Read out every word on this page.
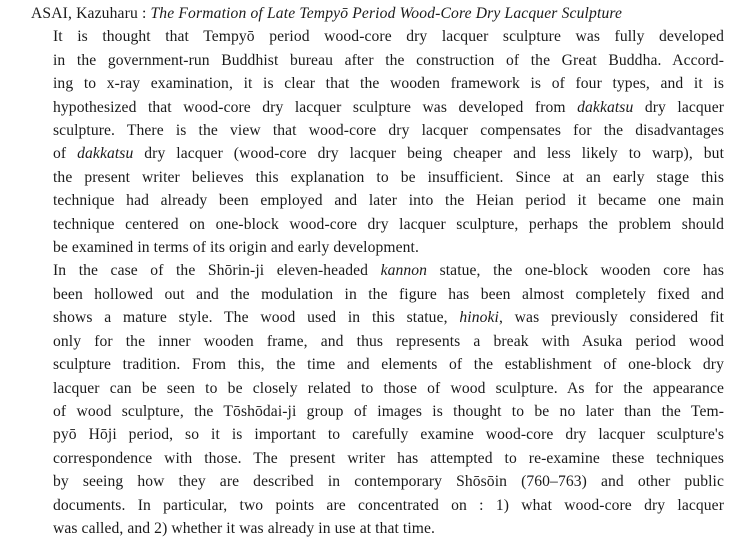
ASAI, Kazuharu : The Formation of Late Tempyō Period Wood-Core Dry Lacquer Sculpture

It is thought that Tempyō period wood-core dry lacquer sculpture was fully developed
in the government-run Buddhist bureau after the construction of the Great Buddha. Accord-
ing to x-ray examination, it is clear that the wooden framework is of four types, and it is
hypothesized that wood-core dry lacquer sculpture was developed from dakkatsu dry lacquer
sculpture. There is the view that wood-core dry lacquer compensates for the disadvantages
of dakkatsu dry lacquer (wood-core dry lacquer being cheaper and less likely to warp), but
the present writer believes this explanation to be insufficient. Since at an early stage this
technique had already been employed and later into the Heian period it became one main
technique centered on one-block wood-core dry lacquer sculpture, perhaps the problem should
be examined in terms of its origin and early development.

In the case of the Shōrin-ji eleven-headed kannon statue, the one-block wooden core has
been hollowed out and the modulation in the figure has been almost completely fixed and
shows a mature style. The wood used in this statue, hinoki, was previously considered fit
only for the inner wooden frame, and thus represents a break with Asuka period wood
sculpture tradition. From this, the time and elements of the establishment of one-block dry
lacquer can be seen to be closely related to those of wood sculpture. As for the appearance
of wood sculpture, the Tōshōdai-ji group of images is thought to be no later than the Tem-
pyō Hōji period, so it is important to carefully examine wood-core dry lacquer sculpture's
correspondence with those. The present writer has attempted to re-examine these techniques
by seeing how they are described in contemporary Shōsōin (760–763) and other public
documents. In particular, two points are concentrated on : 1) what wood-core dry lacquer
was called, and 2) whether it was already in use at that time.
